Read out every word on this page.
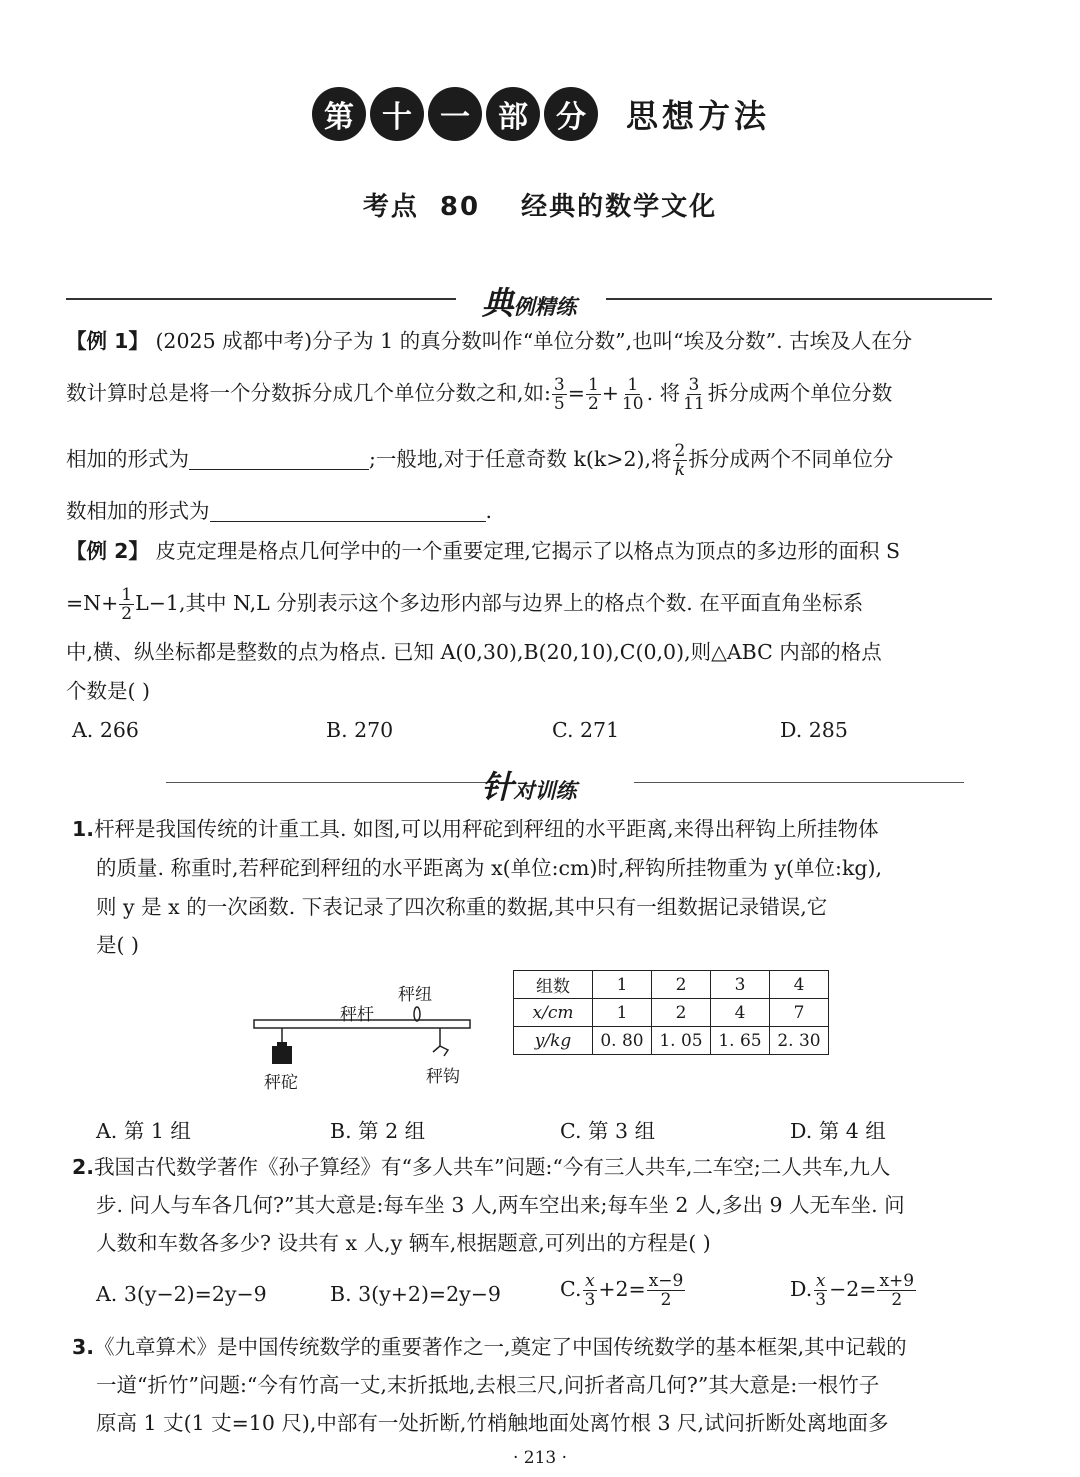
第 十 一 部 分	思想方法
考点 80 经典的数学文化
典例精练
【例 1】 (2025 成都中考)分子为 1 的真分数叫作“单位分数”,也叫“埃及分数”. 古埃及人在分
数计算时总是将一个分数拆分成几个单位分数之和,如: $\frac{3}{5} = \frac{1}{2} + \frac{1}{10}$ . 将 $\frac{3}{11}$ 拆分成两个单位分数
相加的形式为	;一般地,对于任意奇数 k(k>2),将 $\frac{2}{k}$ 拆分成两个不同单位分
数相加的形式为	.
【例 2】 皮克定理是格点几何学中的一个重要定理,它揭示了以格点为顶点的多边形的面积 S
$=N+ \frac{1}{2} L-1$,其中 N,L 分别表示这个多边形内部与边界上的格点个数. 在平面直角坐标系
中,横、纵坐标都是整数的点为格点. 已知 A(0,30),B(20,10),C(0,0),则△ABC 内部的格点
个数是( )
A. 266	B. 270	C. 271	D. 285
针对训练
1.杆秤是我国传统的计重工具. 如图,可以用秤砣到秤纽的水平距离,来得出秤钩上所挂物体
的质量. 称重时,若秤砣到秤纽的水平距离为 x(单位:cm)时,秤钩所挂物重为 y(单位:kg),
则 y 是 x 的一次函数. 下表记录了四次称重的数据,其中只有一组数据记录错误,它
是( )
秤纽
秤杆
秤砣	秤钩
组数	1	2	3	4
x/cm	1	2	4	7
y/kg	0. 80	1. 05	1. 65	2. 30
A. 第 1 组	B. 第 2 组	C. 第 3 组	D. 第 4 组
2.我国古代数学著作《孙子算经》有“多人共车”问题:“今有三人共车,二车空;二人共车,九人
步. 问人与车各几何?”其大意是:每车坐 3 人,两车空出来;每车坐 2 人,多出 9 人无车坐. 问
人数和车数各多少? 设共有 x 人,y 辆车,根据题意,可列出的方程是( )
A. 3(y−2)=2y−9	B. 3(y+2)=2y−9	C. $\frac{x}{3} +2= \frac{x-9}{2}$	D. $\frac{x}{3} -2= \frac{x+9}{2}$
3.《九章算术》是中国传统数学的重要著作之一,奠定了中国传统数学的基本框架,其中记载的
一道“折竹”问题:“今有竹高一丈,末折抵地,去根三尺,问折者高几何?”其大意是:一根竹子
原高 1 丈(1 丈=10 尺),中部有一处折断,竹梢触地面处离竹根 3 尺,试问折断处离地面多
· 213 ·
